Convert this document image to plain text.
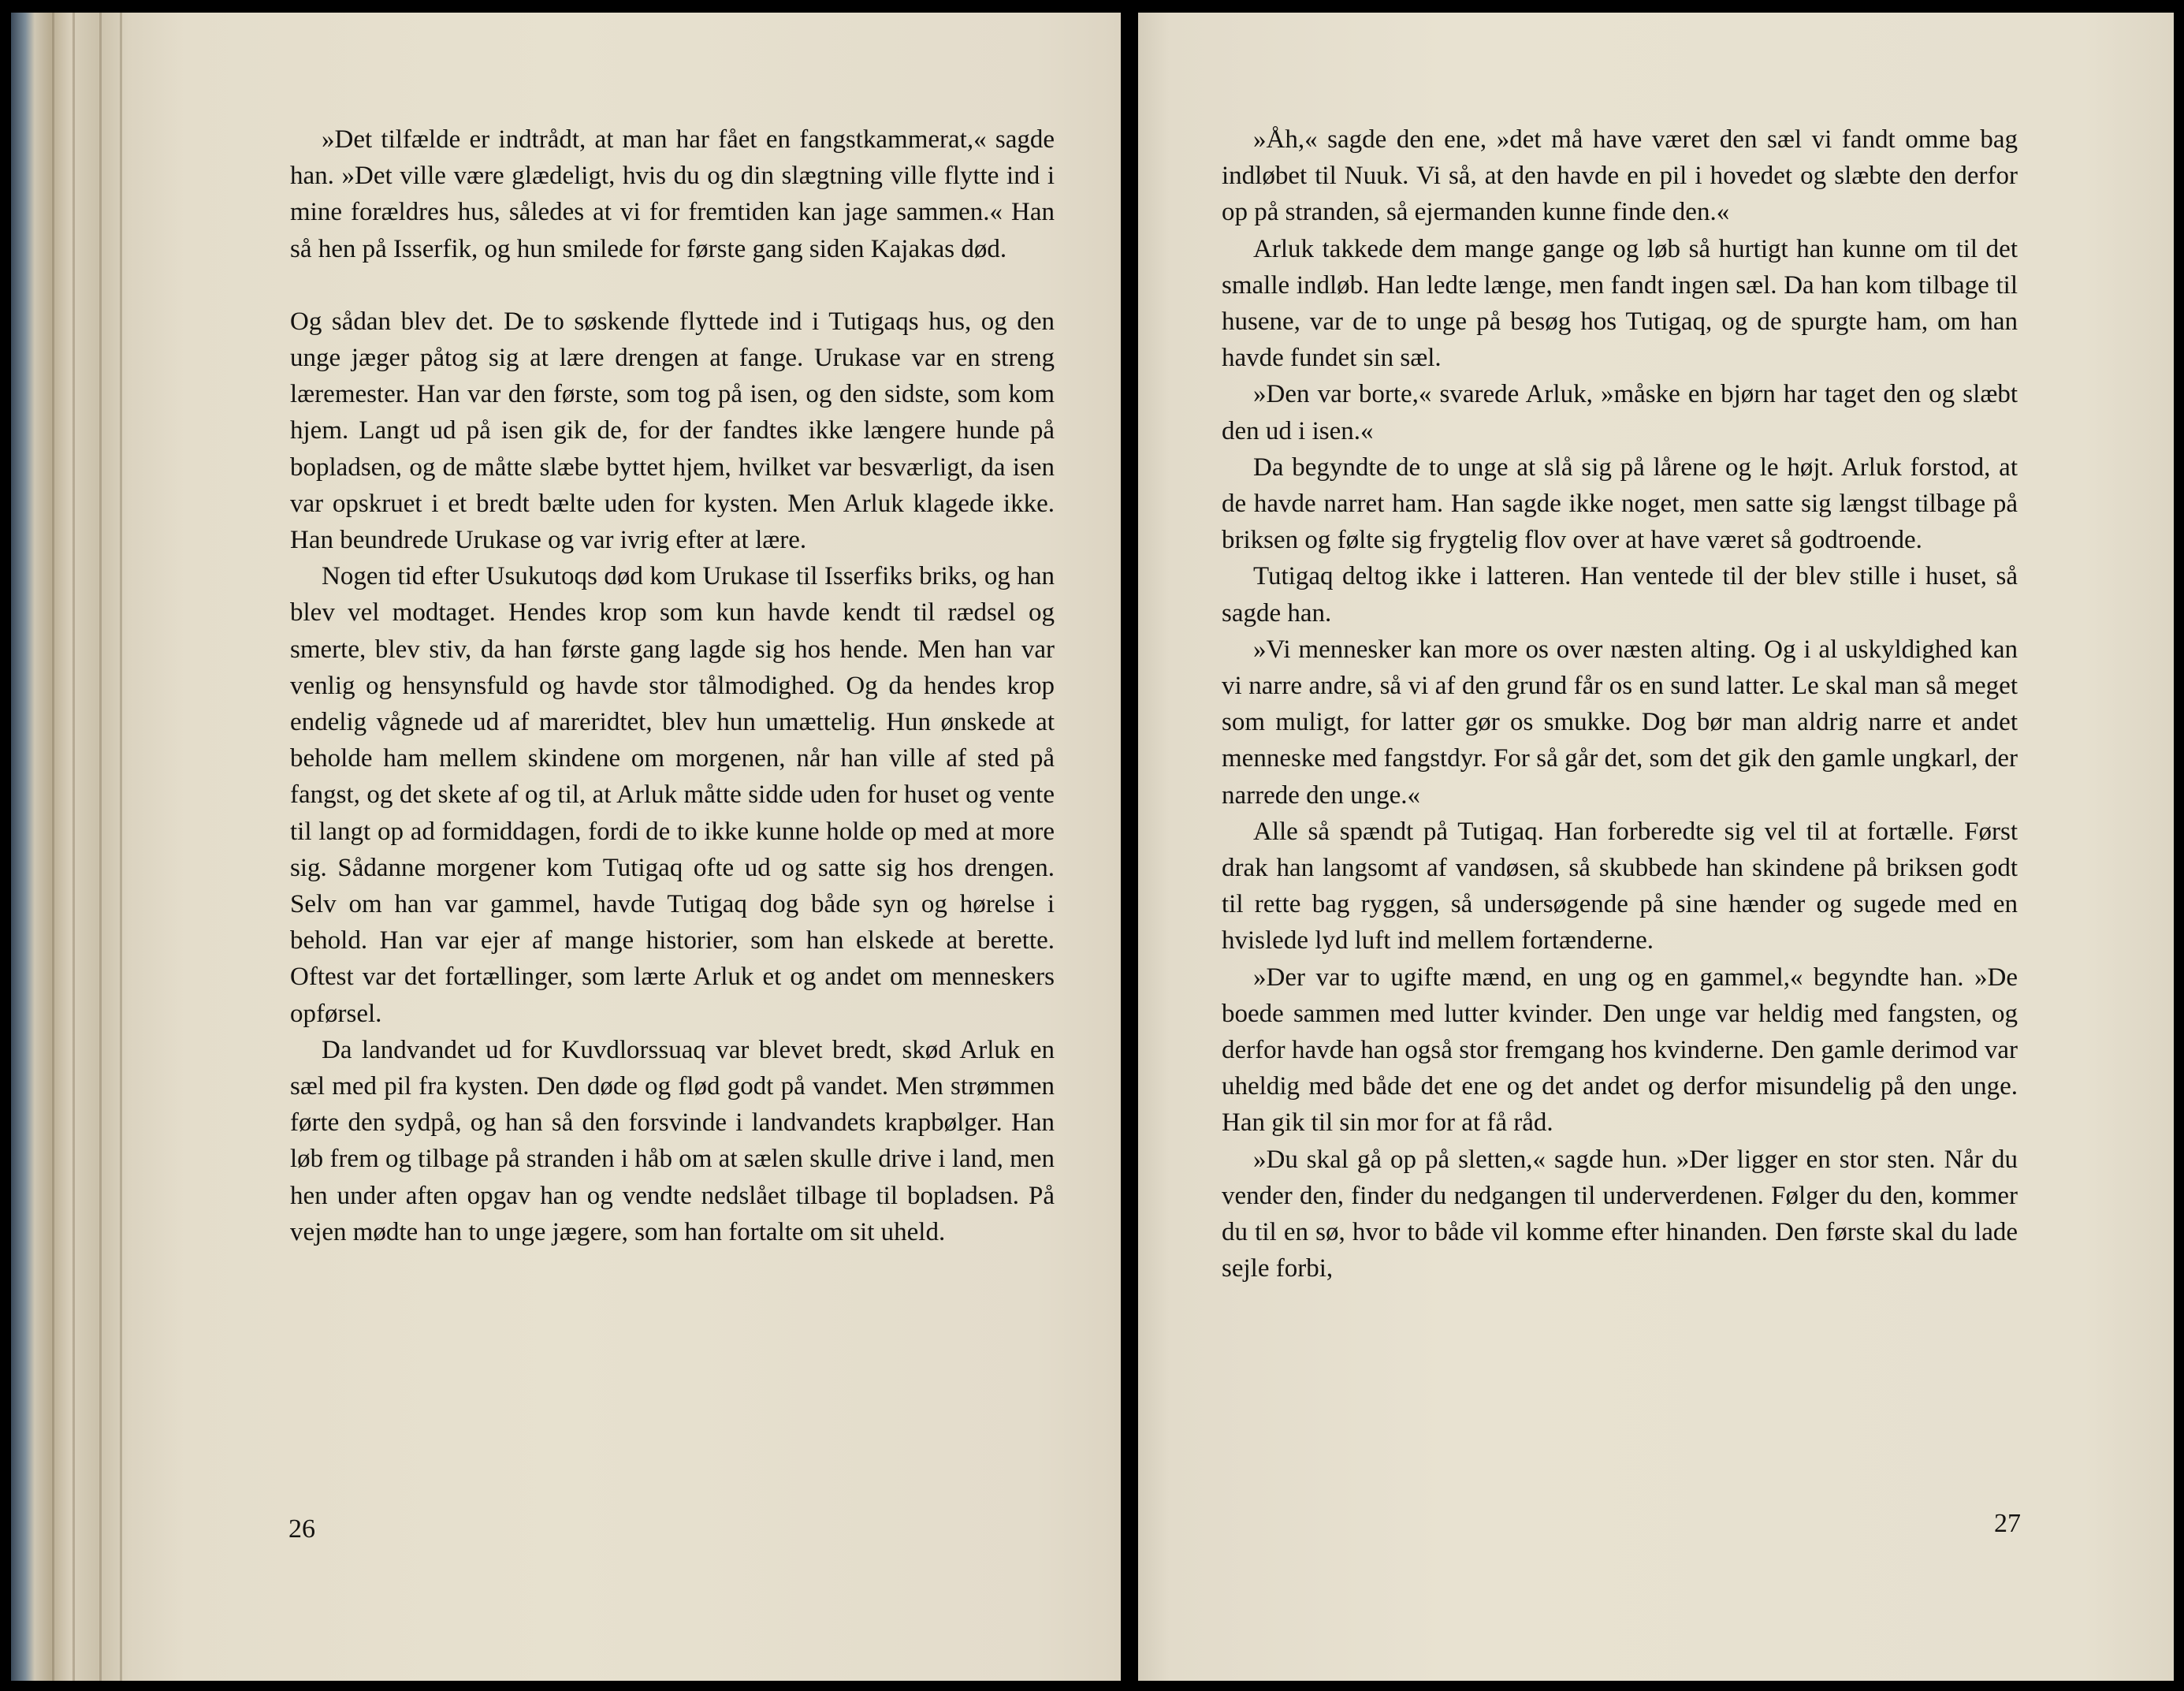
»Det tilfælde er indtrådt, at man har fået en fangstkammerat,« sagde han. »Det ville være glædeligt, hvis du og din slægtning ville flytte ind i mine forældres hus, således at vi for fremtiden kan jage sammen.« Han så hen på Isserfik, og hun smilede for første gang siden Kajakas død.

Og sådan blev det. De to søskende flyttede ind i Tutigaqs hus, og den unge jæger påtog sig at lære drengen at fange. Urukase var en streng læremester. Han var den første, som tog på isen, og den sidste, som kom hjem. Langt ud på isen gik de, for der fandtes ikke længere hunde på bopladsen, og de måtte slæbe byttet hjem, hvilket var besværligt, da isen var opskruet i et bredt bælte uden for kysten. Men Arluk klagede ikke. Han beundrede Urukase og var ivrig efter at lære.

Nogen tid efter Usukutoqs død kom Urukase til Isserfiks briks, og han blev vel modtaget. Hendes krop som kun havde kendt til rædsel og smerte, blev stiv, da han første gang lagde sig hos hende. Men han var venlig og hensynsfuld og havde stor tålmodighed. Og da hendes krop endelig vågnede ud af mareridtet, blev hun umættelig. Hun ønskede at beholde ham mellem skindene om morgenen, når han ville af sted på fangst, og det skete af og til, at Arluk måtte sidde uden for huset og vente til langt op ad formiddagen, fordi de to ikke kunne holde op med at more sig. Sådanne morgener kom Tutigaq ofte ud og satte sig hos drengen. Selv om han var gammel, havde Tutigaq dog både syn og hørelse i behold. Han var ejer af mange historier, som han elskede at berette. Oftest var det fortællinger, som lærte Arluk et og andet om menneskers opførsel.

Da landvandet ud for Kuvdlorssuaq var blevet bredt, skød Arluk en sæl med pil fra kysten. Den døde og flød godt på vandet. Men strømmen førte den sydpå, og han så den forsvinde i landvandets krapbølger. Han løb frem og tilbage på stranden i håb om at sælen skulle drive i land, men hen under aften opgav han og vendte nedslået tilbage til bopladsen. På vejen mødte han to unge jægere, som han fortalte om sit uheld.

26

»Åh,« sagde den ene, »det må have været den sæl vi fandt omme bag indløbet til Nuuk. Vi så, at den havde en pil i hovedet og slæbte den derfor op på stranden, så ejermanden kunne finde den.«

Arluk takkede dem mange gange og løb så hurtigt han kunne om til det smalle indløb. Han ledte længe, men fandt ingen sæl. Da han kom tilbage til husene, var de to unge på besøg hos Tutigaq, og de spurgte ham, om han havde fundet sin sæl.

»Den var borte,« svarede Arluk, »måske en bjørn har taget den og slæbt den ud i isen.«

Da begyndte de to unge at slå sig på lårene og le højt. Arluk forstod, at de havde narret ham. Han sagde ikke noget, men satte sig længst tilbage på briksen og følte sig frygtelig flov over at have været så godtroende.

Tutigaq deltog ikke i latteren. Han ventede til der blev stille i huset, så sagde han.

»Vi mennesker kan more os over næsten alting. Og i al uskyldighed kan vi narre andre, så vi af den grund får os en sund latter. Le skal man så meget som muligt, for latter gør os smukke. Dog bør man aldrig narre et andet menneske med fangstdyr. For så går det, som det gik den gamle ungkarl, der narrede den unge.«

Alle så spændt på Tutigaq. Han forberedte sig vel til at fortælle. Først drak han langsomt af vandøsen, så skubbede han skindene på briksen godt til rette bag ryggen, så undersøgende på sine hænder og sugede med en hvislede lyd luft ind mellem fortænderne.

»Der var to ugifte mænd, en ung og en gammel,« begyndte han. »De boede sammen med lutter kvinder. Den unge var heldig med fangsten, og derfor havde han også stor fremgang hos kvinderne. Den gamle derimod var uheldig med både det ene og det andet og derfor misundelig på den unge. Han gik til sin mor for at få råd.

»Du skal gå op på sletten,« sagde hun. »Der ligger en stor sten. Når du vender den, finder du nedgangen til underverdenen. Følger du den, kommer du til en sø, hvor to både vil komme efter hinanden. Den første skal du lade sejle forbi,

27
